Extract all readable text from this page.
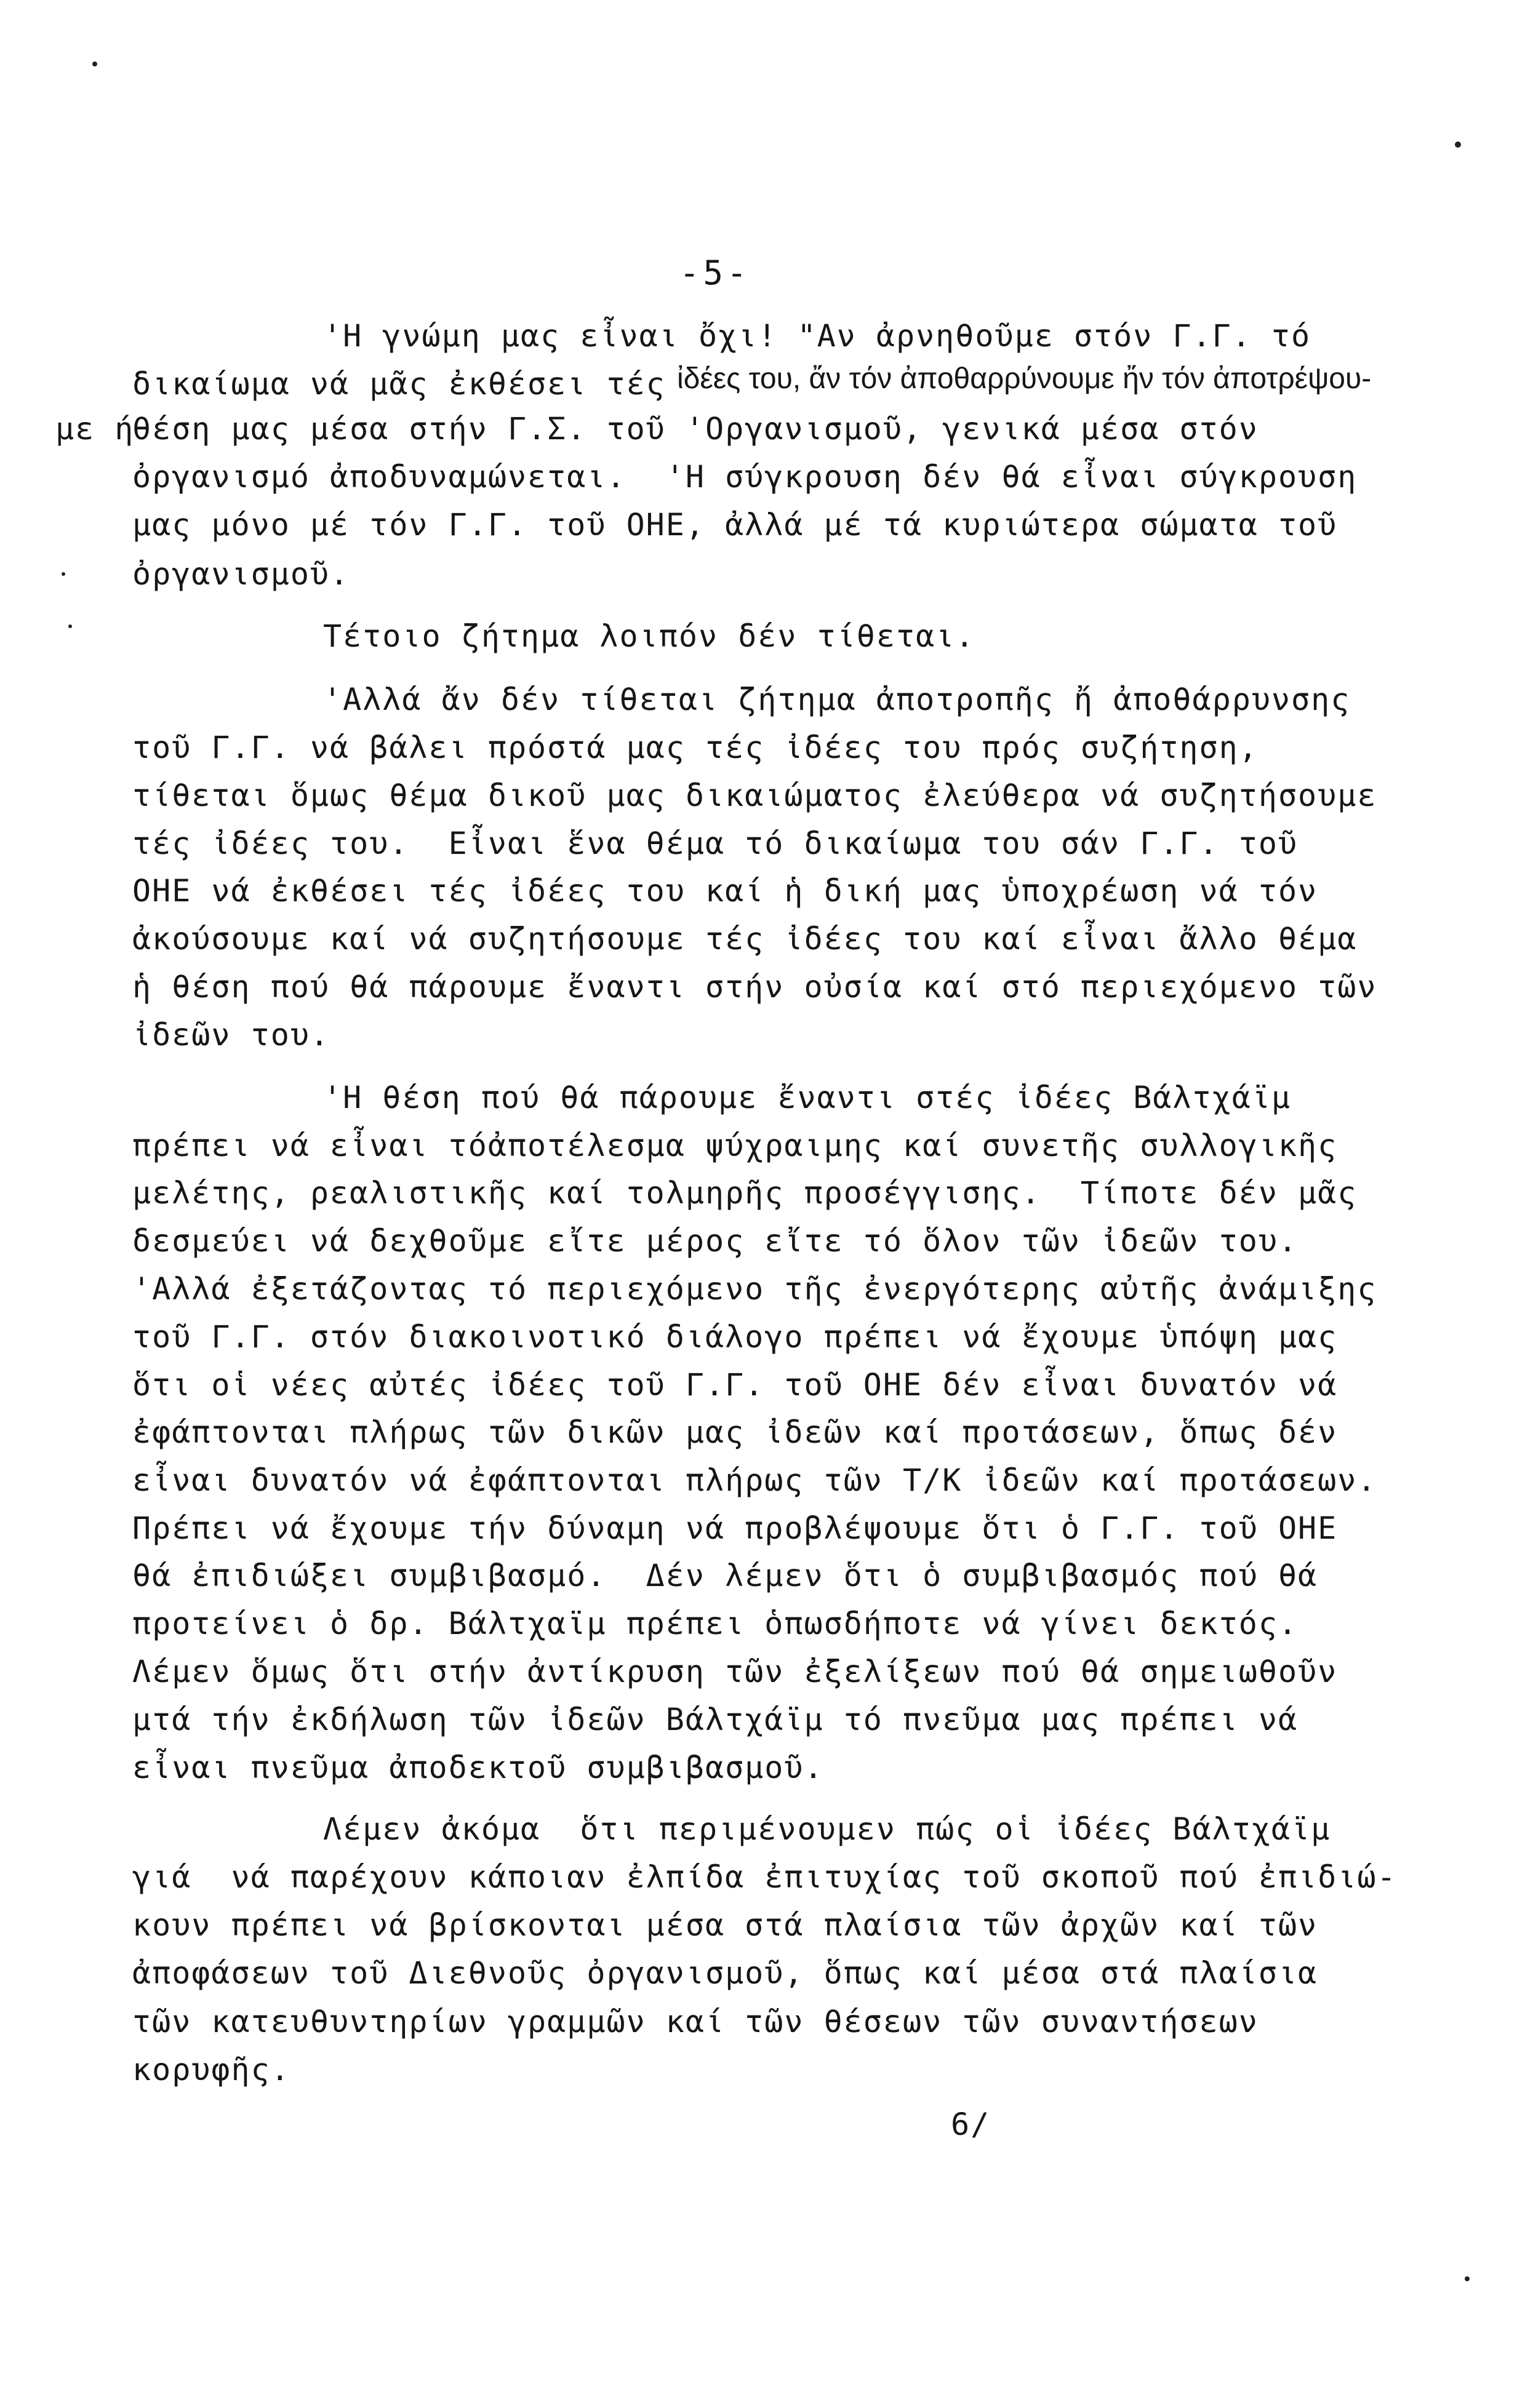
-5-
'Η γνώμη μας εἶναι ὄχι! "Αν ἀρνηθοῦμε στόν Γ.Γ. τό
δικαίωμα νά μᾶς ἐκθέσει τές ἰδέες του, ἄν τόν ἀποθαρρύνουμε ἤν τόν ἀποτρέψου-
με ή
θέση μας μέσα στήν Γ.Σ. τοῦ 'Οργανισμοῦ, γενικά μέσα στόν
ὀργανισμό ἀποδυναμώνεται.  'Η σύγκρουση δέν θά εἶναι σύγκρουση
μας μόνο μέ τόν Γ.Γ. τοῦ ΟΗΕ, ἀλλά μέ τά κυριώτερα σώματα τοῦ
ὀργανισμοῦ.
Τέτοιο ζήτημα λοιπόν δέν τίθεται.
'Αλλά ἄν δέν τίθεται ζήτημα ἀποτροπῆς ἤ ἀποθάρρυνσης
τοῦ Γ.Γ. νά βάλει πρόστά μας τές ἰδέες του πρός συζήτηση,
τίθεται ὅμως θέμα δικοῦ μας δικαιώματος ἐλεύθερα νά συζητήσουμε
τές ἰδέες του.  Εἶναι ἕνα θέμα τό δικαίωμα του σάν Γ.Γ. τοῦ
ΟΗΕ νά ἐκθέσει τές ἰδέες του καί ἡ δική μας ὑποχρέωση νά τόν
ἀκούσουμε καί νά συζητήσουμε τές ἰδέες του καί εἶναι ἄλλο θέμα
ἡ θέση πού θά πάρουμε ἔναντι στήν οὐσία καί στό περιεχόμενο τῶν
ἰδεῶν του.
'Η θέση πού θά πάρουμε ἔναντι στές ἰδέες Βάλτχάϊμ
πρέπει νά εἶναι τόἀποτέλεσμα ψύχραιμης καί συνετῆς συλλογικῆς
μελέτης, ρεαλιστικῆς καί τολμηρῆς προσέγγισης.  Τίποτε δέν μᾶς
δεσμεύει νά δεχθοῦμε εἴτε μέρος εἴτε τό ὅλον τῶν ἰδεῶν του.
'Αλλά ἐξετάζοντας τό περιεχόμενο τῆς ἐνεργότερης αὐτῆς ἀνάμιξης
τοῦ Γ.Γ. στόν διακοινοτικό διάλογο πρέπει νά ἔχουμε ὑπόψη μας
ὅτι οἱ νέες αὐτές ἰδέες τοῦ Γ.Γ. τοῦ ΟΗΕ δέν εἶναι δυνατόν νά
ἐφάπτονται πλήρως τῶν δικῶν μας ἰδεῶν καί προτάσεων, ὅπως δέν
εἶναι δυνατόν νά ἐφάπτονται πλήρως τῶν Τ/Κ ἰδεῶν καί προτάσεων.
Πρέπει νά ἔχουμε τήν δύναμη νά προβλέψουμε ὅτι ὁ Γ.Γ. τοῦ ΟΗΕ
θά ἐπιδιώξει συμβιβασμό.  Δέν λέμεν ὅτι ὁ συμβιβασμός πού θά
προτείνει ὁ δρ. Βάλτχαϊμ πρέπει ὁπωσδήποτε νά γίνει δεκτός.
Λέμεν ὅμως ὅτι στήν ἀντίκρυση τῶν ἐξελίξεων πού θά σημειωθοῦν
μτά τήν ἐκδήλωση τῶν ἰδεῶν Βάλτχάϊμ τό πνεῦμα μας πρέπει νά
εἶναι πνεῦμα ἀποδεκτοῦ συμβιβασμοῦ.
Λέμεν ἀκόμα  ὅτι περιμένουμεν πώς οἱ ἰδέες Βάλτχάϊμ
γιά  νά παρέχουν κάποιαν ἐλπίδα ἐπιτυχίας τοῦ σκοποῦ πού ἐπιδιώ-
κουν πρέπει νά βρίσκονται μέσα στά πλαίσια τῶν ἀρχῶν καί τῶν
ἀποφάσεων τοῦ Διεθνοῦς ὀργανισμοῦ, ὅπως καί μέσα στά πλαίσια
τῶν κατευθυντηρίων γραμμῶν καί τῶν θέσεων τῶν συναντήσεων
κορυφῆς.
6/
